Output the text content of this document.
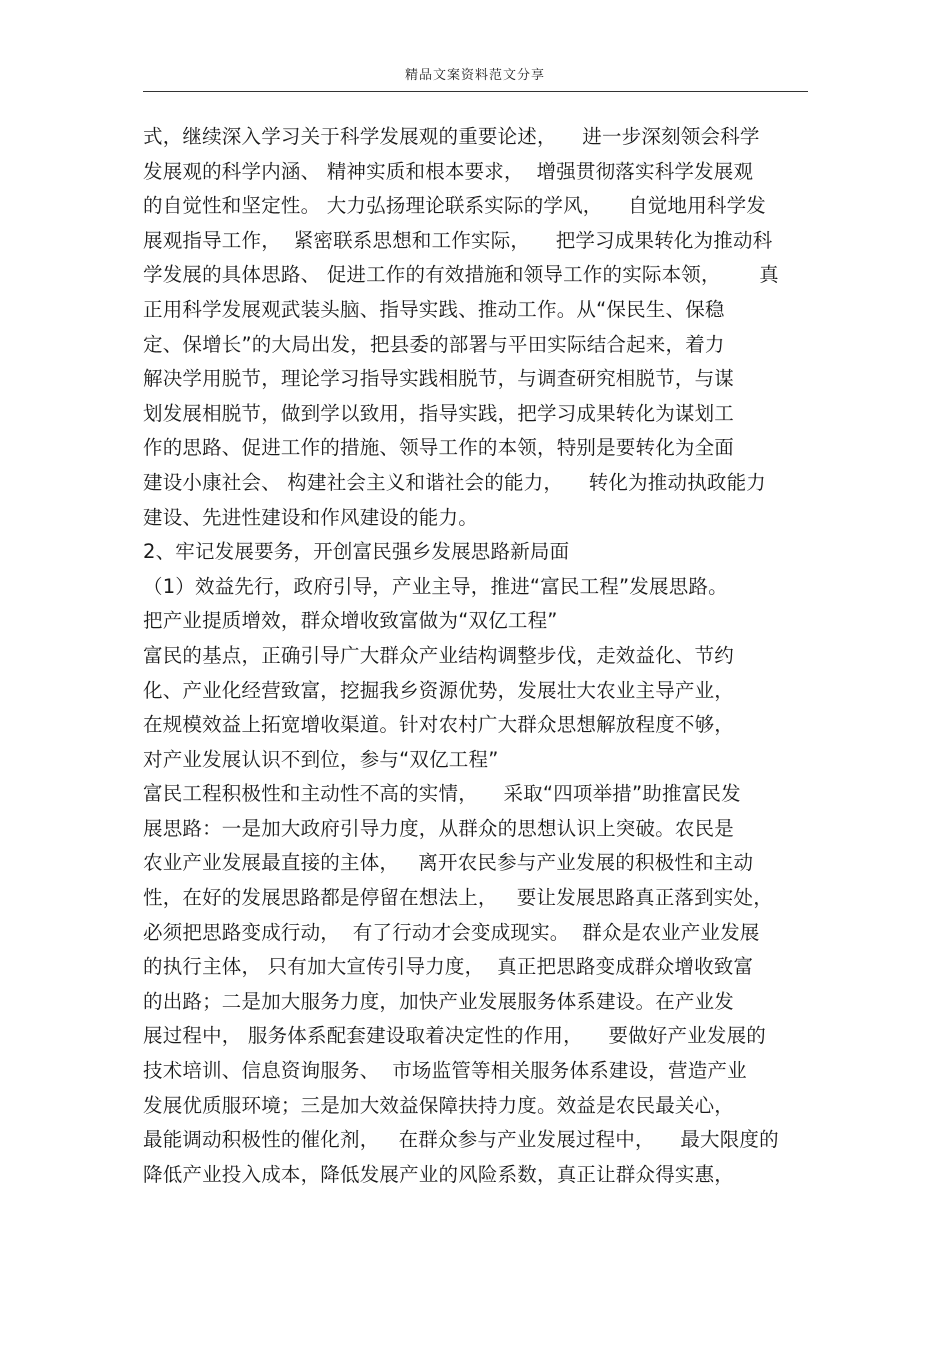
精品文案资料范文分享
式，继续深入学习关于科学发展观的重要论述，    进一步深刻领会科学
发展观的科学内涵、 精神实质和根本要求，  增强贯彻落实科学发展观
的自觉性和坚定性。 大力弘扬理论联系实际的学风，    自觉地用科学发
展观指导工作，  紧密联系思想和工作实际，    把学习成果转化为推动科
学发展的具体思路、 促进工作的有效措施和领导工作的实际本领，      真
正用科学发展观武装头脑、指导实践、推动工作。从“保民生、保稳
定、保增长”的大局出发，把县委的部署与平田实际结合起来，着力
解决学用脱节，理论学习指导实践相脱节，与调查研究相脱节，与谋
划发展相脱节，做到学以致用，指导实践，把学习成果转化为谋划工
作的思路、促进工作的措施、领导工作的本领，特别是要转化为全面
建设小康社会、 构建社会主义和谐社会的能力，    转化为推动执政能力
建设、先进性建设和作风建设的能力。
2、牢记发展要务，开创富民强乡发展思路新局面
（1）效益先行，政府引导，产业主导，推进“富民工程”发展思路。
把产业提质增效，群众增收致富做为“双亿工程”
富民的基点，正确引导广大群众产业结构调整步伐，走效益化、节约
化、产业化经营致富，挖掘我乡资源优势，发展壮大农业主导产业，
在规模效益上拓宽增收渠道。针对农村广大群众思想解放程度不够，
对产业发展认识不到位，参与“双亿工程”
富民工程积极性和主动性不高的实情，    采取“四项举措”助推富民发
展思路：一是加大政府引导力度，从群众的思想认识上突破。农民是
农业产业发展最直接的主体，   离开农民参与产业发展的积极性和主动
性，在好的发展思路都是停留在想法上，   要让发展思路真正落到实处，
必须把思路变成行动，  有了行动才会变成现实。  群众是农业产业发展
的执行主体， 只有加大宣传引导力度，  真正把思路变成群众增收致富
的出路；二是加大服务力度，加快产业发展服务体系建设。在产业发
展过程中， 服务体系配套建设取着决定性的作用，    要做好产业发展的
技术培训、信息资询服务、  市场监管等相关服务体系建设，营造产业
发展优质服环境；三是加大效益保障扶持力度。效益是农民最关心，
最能调动积极性的催化剂，   在群众参与产业发展过程中，    最大限度的
降低产业投入成本，降低发展产业的风险系数，真正让群众得实惠，
